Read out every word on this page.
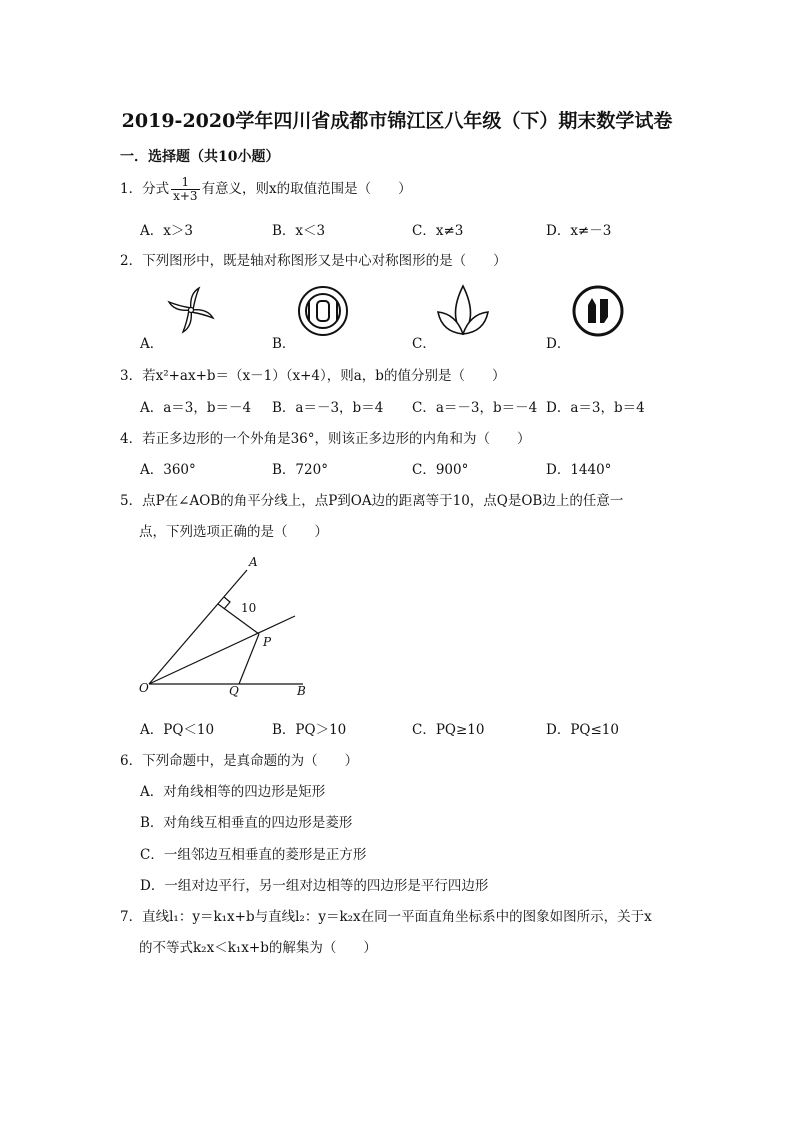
2019-2020学年四川省成都市锦江区八年级（下）期末数学试卷
一．选择题（共10小题）
1．分式 $\frac{1}{x+3}$ 有意义，则x的取值范围是（　　）
A．x＞3	B．x＜3	C．x≠3	D．x≠－3
2．下列图形中，既是轴对称图形又是中心对称图形的是（　　）
A．	B．	C．	D．
3．若x²+ax+b＝（x－1）（x+4），则a，b的值分别是（　　）
A．a＝3，b＝－4 B．a＝－3，b＝4 C．a＝－3，b＝－4 D．a＝3，b＝4
4．若正多边形的一个外角是36°，则该正多边形的内角和为（　　）
A．360°	B．720°	C．900°	D．1440°
5．点P在∠AOB的角平分线上，点P到OA边的距离等于10，点Q是OB边上的任意一
点，下列选项正确的是（　　）
A
O	B
P
Q
10
A．PQ＜10	B．PQ＞10	C．PQ≥10	D．PQ≤10
6．下列命题中，是真命题的为（　　）
A．对角线相等的四边形是矩形
B．对角线互相垂直的四边形是菱形
C．一组邻边互相垂直的菱形是正方形
D．一组对边平行，另一组对边相等的四边形是平行四边形
7．直线l₁：y＝k₁x+b与直线l₂：y＝k₂x在同一平面直角坐标系中的图象如图所示，关于x
的不等式k₂x＜k₁x+b的解集为（　　）
